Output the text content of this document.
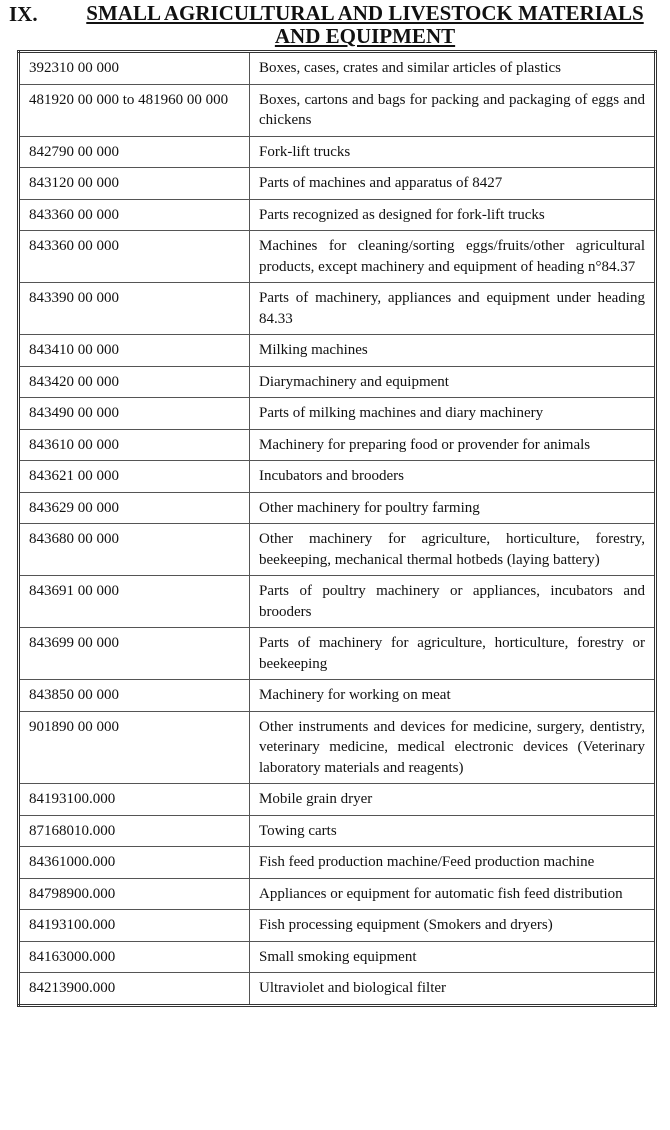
IX.	SMALL AGRICULTURAL AND LIVESTOCK MATERIALS
AND EQUIPMENT
392310 00 000	Boxes, cases, crates and similar articles of plastics
481920 00 000 to 481960 00 000	Boxes, cartons and bags for packing and packaging of eggs and chickens
842790 00 000	Fork-lift trucks
843120 00 000	Parts of machines and apparatus of 8427
843360 00 000	Parts recognized as designed for fork-lift trucks
843360 00 000	Machines for cleaning/sorting eggs/fruits/other agricultural products, except machinery and equipment of heading n°84.37
843390 00 000	Parts of machinery, appliances and equipment under heading 84.33
843410 00 000	Milking machines
843420 00 000	Diarymachinery and equipment
843490 00 000	Parts of milking machines and diary machinery
843610 00 000	Machinery for preparing food or provender for animals
843621 00 000	Incubators and brooders
843629 00 000	Other machinery for poultry farming
843680 00 000	Other machinery for agriculture, horticulture, forestry, beekeeping, mechanical thermal hotbeds (laying battery)
843691 00 000	Parts of poultry machinery or appliances, incubators and brooders
843699 00 000	Parts of machinery for agriculture, horticulture, forestry or beekeeping
843850 00 000	Machinery for working on meat
901890 00 000	Other instruments and devices for medicine, surgery, dentistry, veterinary medicine, medical electronic devices (Veterinary laboratory materials and reagents)
84193100.000	Mobile grain dryer
87168010.000	Towing carts
84361000.000	Fish feed production machine/Feed production machine
84798900.000	Appliances or equipment for automatic fish feed distribution
84193100.000	Fish processing equipment (Smokers and dryers)
84163000.000	Small smoking equipment
84213900.000	Ultraviolet and biological filter
